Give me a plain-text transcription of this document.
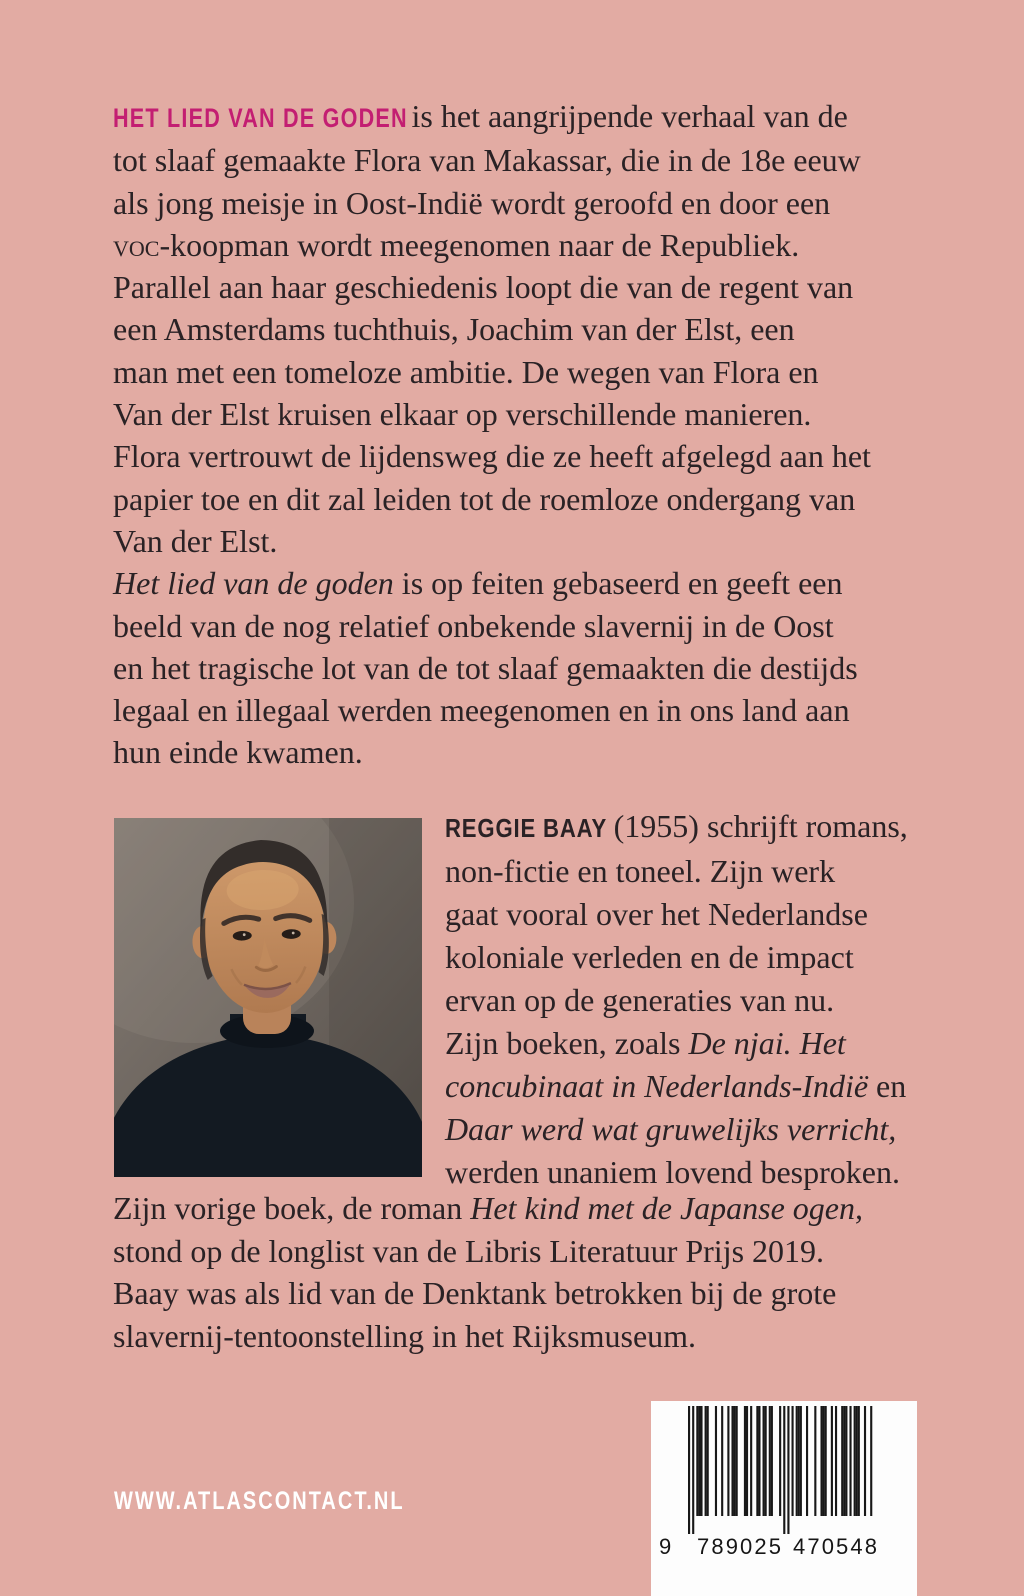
HET LIED VAN DE GODEN is het aangrijpende verhaal van de
tot slaaf gemaakte Flora van Makassar, die in de 18e eeuw
als jong meisje in Oost-Indië wordt geroofd en door een
voc-koopman wordt meegenomen naar de Republiek.
Parallel aan haar geschiedenis loopt die van de regent van
een Amsterdams tuchthuis, Joachim van der Elst, een
man met een tomeloze ambitie. De wegen van Flora en
Van der Elst kruisen elkaar op verschillende manieren.
Flora vertrouwt de lijdensweg die ze heeft afgelegd aan het
papier toe en dit zal leiden tot de roemloze ondergang van
Van der Elst.
Het lied van de goden is op feiten gebaseerd en geeft een
beeld van de nog relatief onbekende slavernij in de Oost
en het tragische lot van de tot slaaf gemaakten die destijds
legaal en illegaal werden meegenomen en in ons land aan
hun einde kwamen.
REGGIE BAAY (1955) schrijft romans,
non-fictie en toneel. Zijn werk
gaat vooral over het Nederlandse
koloniale verleden en de impact
ervan op de generaties van nu.
Zijn boeken, zoals De njai. Het
concubinaat in Nederlands-Indië en
Daar werd wat gruwelijks verricht,
werden unaniem lovend besproken.
Zijn vorige boek, de roman Het kind met de Japanse ogen,
stond op de longlist van de Libris Literatuur Prijs 2019.
Baay was als lid van de Denktank betrokken bij de grote
slavernij-tentoonstelling in het Rijksmuseum.
WWW.ATLASCONTACT.NL
9 789025 470548
